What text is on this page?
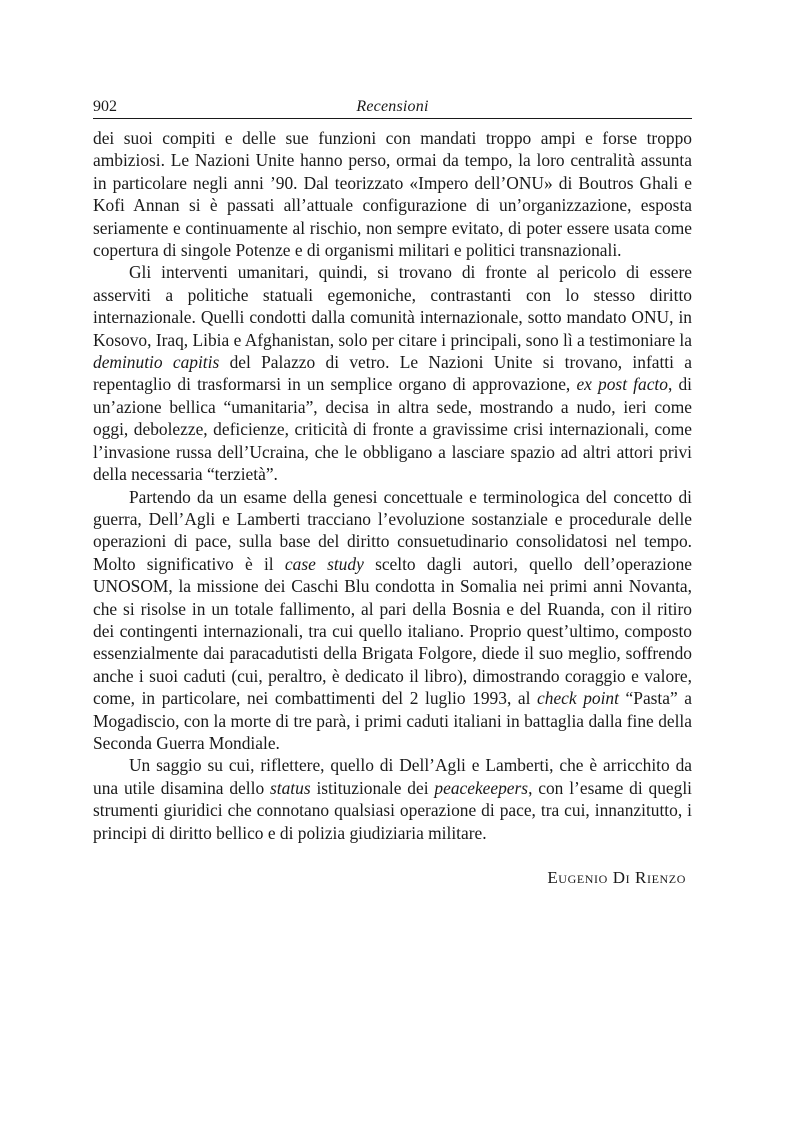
902	Recensioni

dei suoi compiti e delle sue funzioni con mandati troppo ampi e forse troppo ambiziosi. Le Nazioni Unite hanno perso, ormai da tempo, la loro centralità assunta in particolare negli anni ’90. Dal teorizzato «Impero dell’ONU» di Boutros Ghali e Kofi Annan si è passati all’attuale configurazione di un’organizzazione, esposta seriamente e continuamente al rischio, non sempre evitato, di poter essere usata come copertura di singole Potenze e di organismi militari e politici transnazionali.

Gli interventi umanitari, quindi, si trovano di fronte al pericolo di essere asserviti a politiche statuali egemoniche, contrastanti con lo stesso diritto internazionale. Quelli condotti dalla comunità internazionale, sotto mandato ONU, in Kosovo, Iraq, Libia e Afghanistan, solo per citare i principali, sono lì a testimoniare la deminutio capitis del Palazzo di vetro. Le Nazioni Unite si trovano, infatti a repentaglio di trasformarsi in un semplice organo di approvazione, ex post facto, di un’azione bellica “umanitaria”, decisa in altra sede, mostrando a nudo, ieri come oggi, debolezze, deficienze, criticità di fronte a gravissime crisi internazionali, come l’invasione russa dell’Ucraina, che le obbligano a lasciare spazio ad altri attori privi della necessaria “terzietà”.

Partendo da un esame della genesi concettuale e terminologica del concetto di guerra, Dell’Agli e Lamberti tracciano l’evoluzione sostanziale e procedurale delle operazioni di pace, sulla base del diritto consuetudinario consolidatosi nel tempo. Molto significativo è il case study scelto dagli autori, quello dell’operazione UNOSOM, la missione dei Caschi Blu condotta in Somalia nei primi anni Novanta, che si risolse in un totale fallimento, al pari della Bosnia e del Ruanda, con il ritiro dei contingenti internazionali, tra cui quello italiano. Proprio quest’ultimo, composto essenzialmente dai paracadutisti della Brigata Folgore, diede il suo meglio, soffrendo anche i suoi caduti (cui, peraltro, è dedicato il libro), dimostrando coraggio e valore, come, in particolare, nei combattimenti del 2 luglio 1993, al check point “Pasta” a Mogadiscio, con la morte di tre parà, i primi caduti italiani in battaglia dalla fine della Seconda Guerra Mondiale.

Un saggio su cui, riflettere, quello di Dell’Agli e Lamberti, che è arricchito da una utile disamina dello status istituzionale dei peacekeepers, con l’esame di quegli strumenti giuridici che connotano qualsiasi operazione di pace, tra cui, innanzitutto, i principi di diritto bellico e di polizia giudiziaria militare.

Eugenio Di Rienzo
